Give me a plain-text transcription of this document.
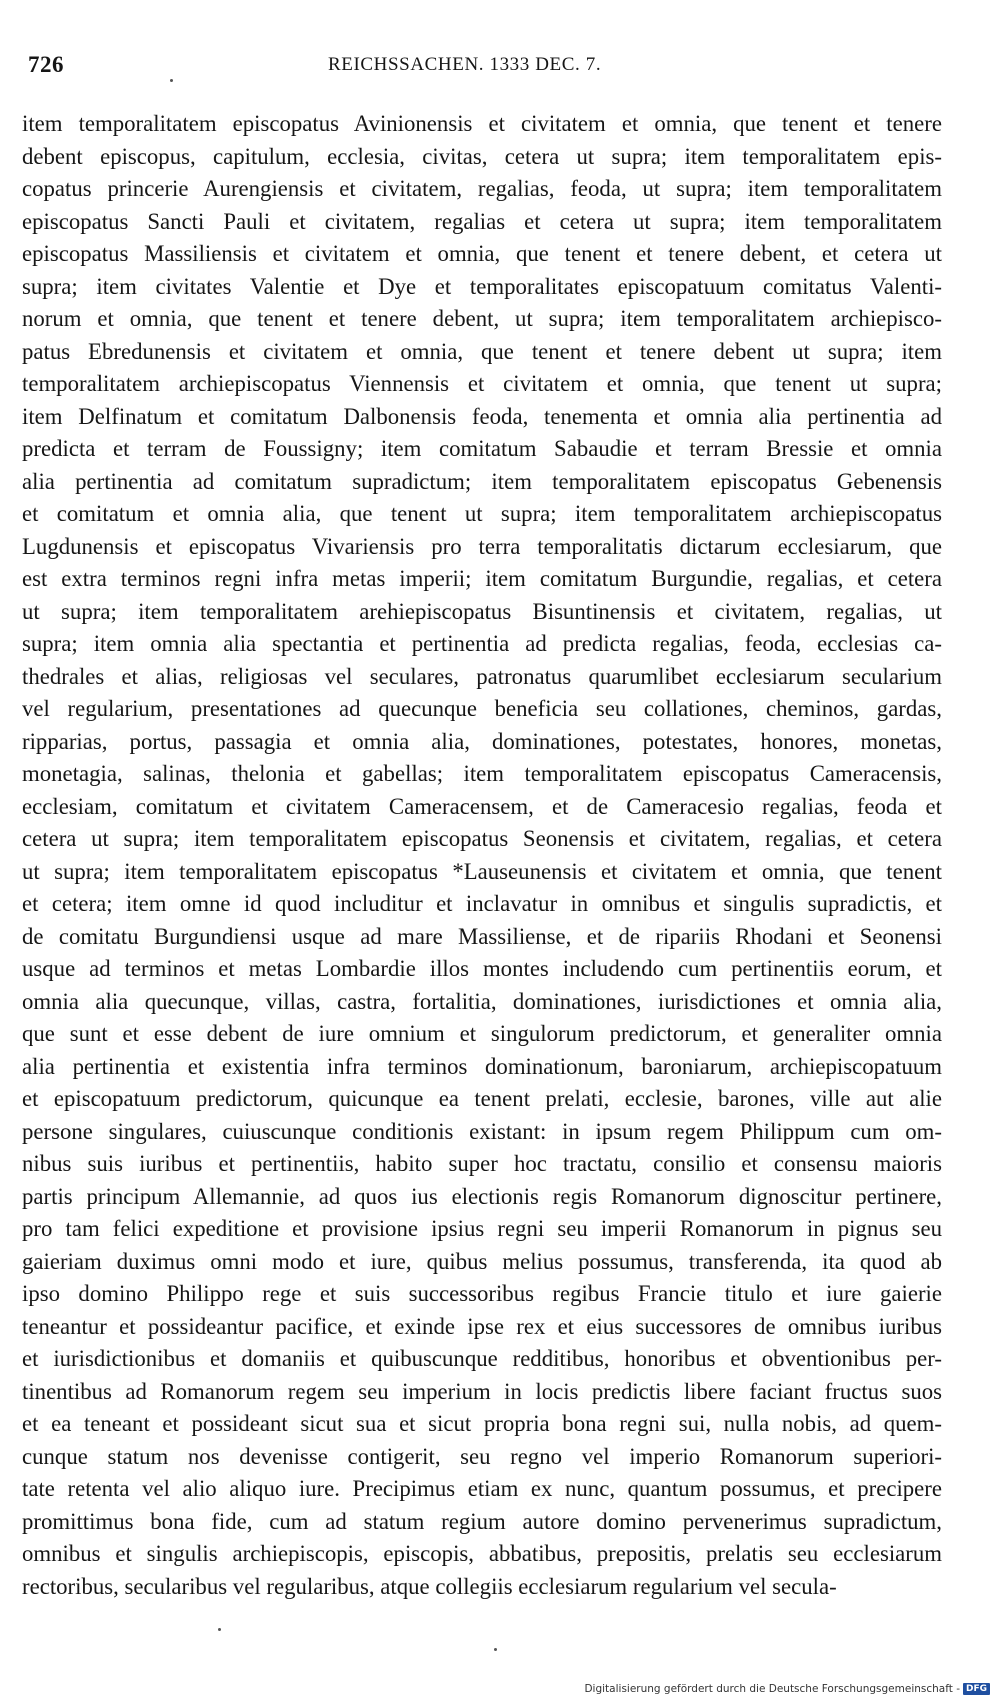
726	REICHSSACHEN. 1333 DEC. 7.
item temporalitatem episcopatus Avinionensis et civitatem et omnia, que tenent et tenere
debent episcopus, capitulum, ecclesia, civitas, cetera ut supra; item temporalitatem epis-
copatus princerie Aurengiensis et civitatem, regalias, feoda, ut supra; item temporalitatem
episcopatus Sancti Pauli et civitatem, regalias et cetera ut supra; item temporalitatem
episcopatus Massiliensis et civitatem et omnia, que tenent et tenere debent, et cetera ut
supra; item civitates Valentie et Dye et temporalitates episcopatuum comitatus Valenti-
norum et omnia, que tenent et tenere debent, ut supra; item temporalitatem archiepisco-
patus Ebredunensis et civitatem et omnia, que tenent et tenere debent ut supra; item
temporalitatem archiepiscopatus Viennensis et civitatem et omnia, que tenent ut supra;
item Delfinatum et comitatum Dalbonensis feoda, tenementa et omnia alia pertinentia ad
predicta et terram de Foussigny; item comitatum Sabaudie et terram Bressie et omnia
alia pertinentia ad comitatum supradictum; item temporalitatem episcopatus Gebenensis
et comitatum et omnia alia, que tenent ut supra; item temporalitatem archiepiscopatus
Lugdunensis et episcopatus Vivariensis pro terra temporalitatis dictarum ecclesiarum, que
est extra terminos regni infra metas imperii; item comitatum Burgundie, regalias, et cetera
ut supra; item temporalitatem arehiepiscopatus Bisuntinensis et civitatem, regalias, ut
supra; item omnia alia spectantia et pertinentia ad predicta regalias, feoda, ecclesias ca-
thedrales et alias, religiosas vel seculares, patronatus quarumlibet ecclesiarum secularium
vel regularium, presentationes ad quecunque beneficia seu collationes, cheminos, gardas,
ripparias, portus, passagia et omnia alia, dominationes, potestates, honores, monetas,
monetagia, salinas, thelonia et gabellas; item temporalitatem episcopatus Cameracensis,
ecclesiam, comitatum et civitatem Cameracensem, et de Cameracesio regalias, feoda et
cetera ut supra; item temporalitatem episcopatus Seonensis et civitatem, regalias, et cetera
ut supra; item temporalitatem episcopatus *Lauseunensis et civitatem et omnia, que tenent
et cetera; item omne id quod includitur et inclavatur in omnibus et singulis supradictis, et
de comitatu Burgundiensi usque ad mare Massiliense, et de ripariis Rhodani et Seonensi
usque ad terminos et metas Lombardie illos montes includendo cum pertinentiis eorum, et
omnia alia quecunque, villas, castra, fortalitia, dominationes, iurisdictiones et omnia alia,
que sunt et esse debent de iure omnium et singulorum predictorum, et generaliter omnia
alia pertinentia et existentia infra terminos dominationum, baroniarum, archiepiscopatuum
et episcopatuum predictorum, quicunque ea tenent prelati, ecclesie, barones, ville aut alie
persone singulares, cuiuscunque conditionis existant: in ipsum regem Philippum cum om-
nibus suis iuribus et pertinentiis, habito super hoc tractatu, consilio et consensu maioris
partis principum Allemannie, ad quos ius electionis regis Romanorum dignoscitur pertinere,
pro tam felici expeditione et provisione ipsius regni seu imperii Romanorum in pignus seu
gaieriam duximus omni modo et iure, quibus melius possumus, transferenda, ita quod ab
ipso domino Philippo rege et suis successoribus regibus Francie titulo et iure gaierie
teneantur et possideantur pacifice, et exinde ipse rex et eius successores de omnibus iuribus
et iurisdictionibus et domaniis et quibuscunque redditibus, honoribus et obventionibus per-
tinentibus ad Romanorum regem seu imperium in locis predictis libere faciant fructus suos
et ea teneant et possideant sicut sua et sicut propria bona regni sui, nulla nobis, ad quem-
cunque statum nos devenisse contigerit, seu regno vel imperio Romanorum superiori-
tate retenta vel alio aliquo iure. Precipimus etiam ex nunc, quantum possumus, et precipere
promittimus bona fide, cum ad statum regium autore domino pervenerimus supradictum,
omnibus et singulis archiepiscopis, episcopis, abbatibus, prepositis, prelatis seu ecclesiarum
rectoribus, secularibus vel regularibus, atque collegiis ecclesiarum regularium vel secula-
Digitalisierung gefördert durch die Deutsche Forschungsgemeinschaft - DFG
